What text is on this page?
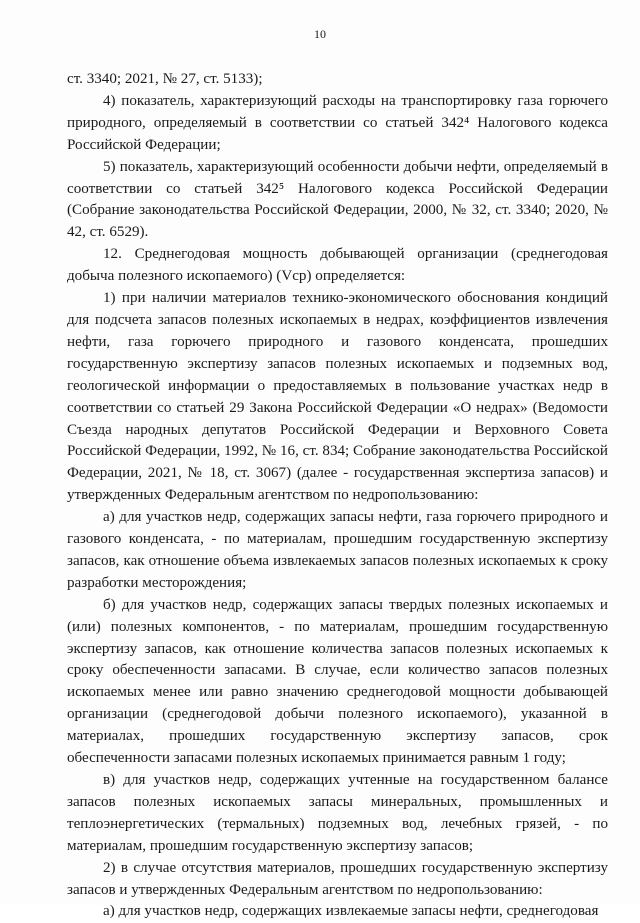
10

ст. 3340; 2021, № 27, ст. 5133);

4) показатель, характеризующий расходы на транспортировку газа горючего природного, определяемый в соответствии со статьей 342⁴ Налогового кодекса Российской Федерации;

5) показатель, характеризующий особенности добычи нефти, определяемый в соответствии со статьей 342⁵ Налогового кодекса Российской Федерации (Собрание законодательства Российской Федерации, 2000, № 32, ст. 3340; 2020, № 42, ст. 6529).

12. Среднегодовая мощность добывающей организации (среднегодовая добыча полезного ископаемого) (Vср) определяется:

1) при наличии материалов технико-экономического обоснования кондиций для подсчета запасов полезных ископаемых в недрах, коэффициентов извлечения нефти, газа горючего природного и газового конденсата, прошедших государственную экспертизу запасов полезных ископаемых и подземных вод, геологической информации о предоставляемых в пользование участках недр в соответствии со статьей 29 Закона Российской Федерации «О недрах» (Ведомости Съезда народных депутатов Российской Федерации и Верховного Совета Российской Федерации, 1992, № 16, ст. 834; Собрание законодательства Российской Федерации, 2021, № 18, ст. 3067) (далее - государственная экспертиза запасов) и утвержденных Федеральным агентством по недропользованию:

а) для участков недр, содержащих запасы нефти, газа горючего природного и газового конденсата, - по материалам, прошедшим государственную экспертизу запасов, как отношение объема извлекаемых запасов полезных ископаемых к сроку разработки месторождения;

б) для участков недр, содержащих запасы твердых полезных ископаемых и (или) полезных компонентов, - по материалам, прошедшим государственную экспертизу запасов, как отношение количества запасов полезных ископаемых к сроку обеспеченности запасами. В случае, если количество запасов полезных ископаемых менее или равно значению среднегодовой мощности добывающей организации (среднегодовой добычи полезного ископаемого), указанной в материалах, прошедших государственную экспертизу запасов, срок обеспеченности запасами полезных ископаемых принимается равным 1 году;

в) для участков недр, содержащих учтенные на государственном балансе запасов полезных ископаемых запасы минеральных, промышленных и теплоэнергетических (термальных) подземных вод, лечебных грязей, - по материалам, прошедшим государственную экспертизу запасов;

2) в случае отсутствия материалов, прошедших государственную экспертизу запасов и утвержденных Федеральным агентством по недропользованию:

а) для участков недр, содержащих извлекаемые запасы нефти, среднегодовая
